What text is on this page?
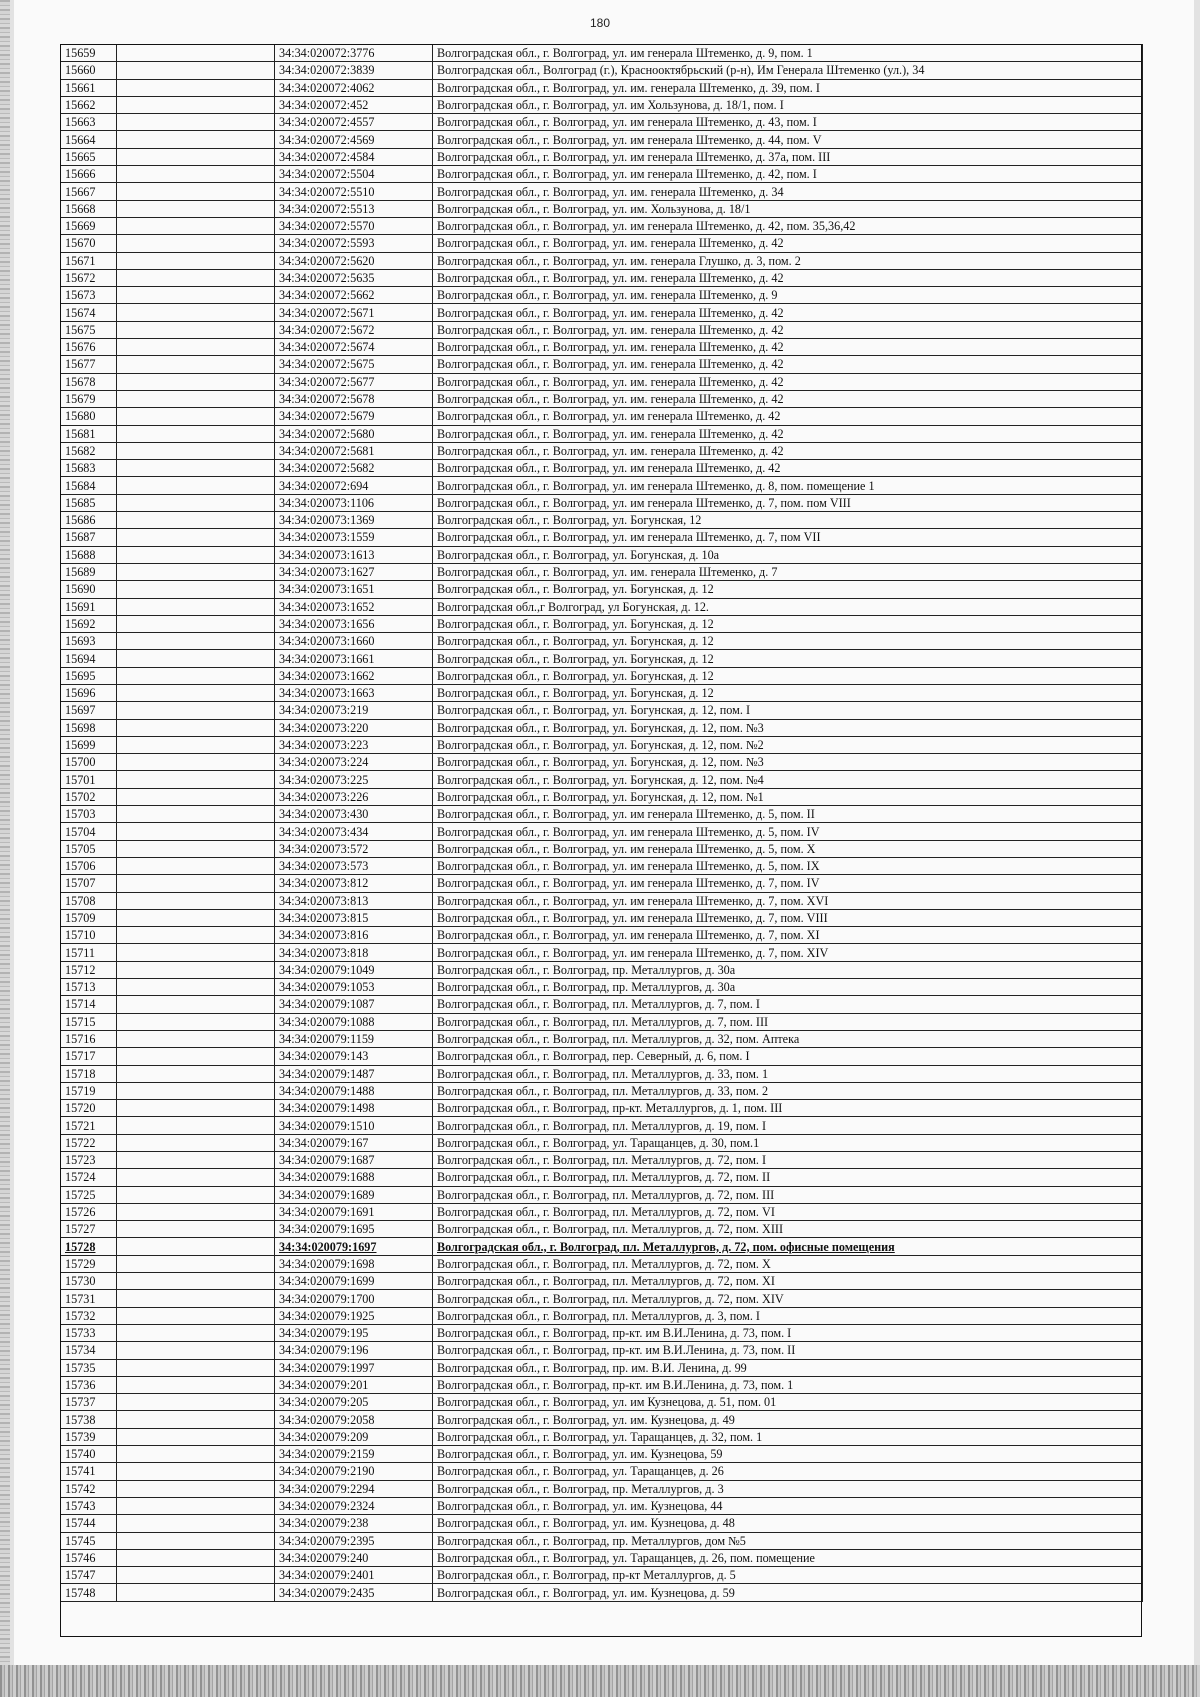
180
15659		34:34:020072:3776	Волгоградская обл., г. Волгоград, ул. им генерала Штеменко, д. 9, пом. 1
15660		34:34:020072:3839	Волгоградская обл., Волгоград (г.), Краснооктябрьский (р-н), Им Генерала Штеменко (ул.), 34
15661		34:34:020072:4062	Волгоградская обл., г. Волгоград, ул. им. генерала Штеменко, д. 39, пом. I
15662		34:34:020072:452	Волгоградская обл., г. Волгоград, ул. им Хользунова, д. 18/1, пом. I
15663		34:34:020072:4557	Волгоградская обл., г. Волгоград, ул. им генерала Штеменко, д. 43, пом. I
15664		34:34:020072:4569	Волгоградская обл., г. Волгоград, ул. им генерала Штеменко, д. 44, пом. V
15665		34:34:020072:4584	Волгоградская обл., г. Волгоград, ул. им генерала Штеменко, д. 37а, пом. III
15666		34:34:020072:5504	Волгоградская обл., г. Волгоград, ул. им генерала Штеменко, д. 42, пом. I
15667		34:34:020072:5510	Волгоградская обл., г. Волгоград, ул. им. генерала Штеменко, д. 34
15668		34:34:020072:5513	Волгоградская обл., г. Волгоград, ул. им. Хользунова, д. 18/1
15669		34:34:020072:5570	Волгоградская обл., г. Волгоград, ул. им генерала Штеменко, д. 42, пом. 35,36,42
15670		34:34:020072:5593	Волгоградская обл., г. Волгоград, ул. им. генерала Штеменко, д. 42
15671		34:34:020072:5620	Волгоградская обл., г. Волгоград, ул. им. генерала Глушко, д. 3, пом. 2
15672		34:34:020072:5635	Волгоградская обл., г. Волгоград, ул. им. генерала Штеменко, д. 42
15673		34:34:020072:5662	Волгоградская обл., г. Волгоград, ул. им. генерала Штеменко, д. 9
15674		34:34:020072:5671	Волгоградская обл., г. Волгоград, ул. им. генерала Штеменко, д. 42
15675		34:34:020072:5672	Волгоградская обл., г. Волгоград, ул. им. генерала Штеменко, д. 42
15676		34:34:020072:5674	Волгоградская обл., г. Волгоград, ул. им. генерала Штеменко, д. 42
15677		34:34:020072:5675	Волгоградская обл., г. Волгоград, ул. им. генерала Штеменко, д. 42
15678		34:34:020072:5677	Волгоградская обл., г. Волгоград, ул. им. генерала Штеменко, д. 42
15679		34:34:020072:5678	Волгоградская обл., г. Волгоград, ул. им. генерала Штеменко, д. 42
15680		34:34:020072:5679	Волгоградская обл., г. Волгоград, ул. им генерала Штеменко, д. 42
15681		34:34:020072:5680	Волгоградская обл., г. Волгоград, ул. им. генерала Штеменко, д. 42
15682		34:34:020072:5681	Волгоградская обл., г. Волгоград, ул. им. генерала Штеменко, д. 42
15683		34:34:020072:5682	Волгоградская обл., г. Волгоград, ул. им генерала Штеменко, д. 42
15684		34:34:020072:694	Волгоградская обл., г. Волгоград, ул. им генерала Штеменко, д. 8, пом. помещение 1
15685		34:34:020073:1106	Волгоградская обл., г. Волгоград, ул. им генерала Штеменко, д. 7, пом. пом VIII
15686		34:34:020073:1369	Волгоградская обл., г. Волгоград, ул. Богунская, 12
15687		34:34:020073:1559	Волгоградская обл., г. Волгоград, ул. им генерала Штеменко, д. 7, пом VII
15688		34:34:020073:1613	Волгоградская обл., г. Волгоград, ул. Богунская, д. 10а
15689		34:34:020073:1627	Волгоградская обл., г. Волгоград, ул. им. генерала Штеменко, д. 7
15690		34:34:020073:1651	Волгоградская обл., г. Волгоград, ул. Богунская, д. 12
15691		34:34:020073:1652	Волгоградская обл.,г Волгоград, ул Богунская, д. 12.
15692		34:34:020073:1656	Волгоградская обл., г. Волгоград, ул. Богунская, д. 12
15693		34:34:020073:1660	Волгоградская обл., г. Волгоград, ул. Богунская, д. 12
15694		34:34:020073:1661	Волгоградская обл., г. Волгоград, ул. Богунская, д. 12
15695		34:34:020073:1662	Волгоградская обл., г. Волгоград, ул. Богунская, д. 12
15696		34:34:020073:1663	Волгоградская обл., г. Волгоград, ул. Богунская, д. 12
15697		34:34:020073:219	Волгоградская обл., г. Волгоград, ул. Богунская, д. 12, пом. I
15698		34:34:020073:220	Волгоградская обл., г. Волгоград, ул. Богунская, д. 12, пом. №3
15699		34:34:020073:223	Волгоградская обл., г. Волгоград, ул. Богунская, д. 12, пом. №2
15700		34:34:020073:224	Волгоградская обл., г. Волгоград, ул. Богунская, д. 12, пом. №3
15701		34:34:020073:225	Волгоградская обл., г. Волгоград, ул. Богунская, д. 12, пом. №4
15702		34:34:020073:226	Волгоградская обл., г. Волгоград, ул. Богунская, д. 12, пом. №1
15703		34:34:020073:430	Волгоградская обл., г. Волгоград, ул. им генерала Штеменко, д. 5, пом. II
15704		34:34:020073:434	Волгоградская обл., г. Волгоград, ул. им генерала Штеменко, д. 5, пом. IV
15705		34:34:020073:572	Волгоградская обл., г. Волгоград, ул. им генерала Штеменко, д. 5, пом. X
15706		34:34:020073:573	Волгоградская обл., г. Волгоград, ул. им генерала Штеменко, д. 5, пом. IX
15707		34:34:020073:812	Волгоградская обл., г. Волгоград, ул. им генерала Штеменко, д. 7, пом. IV
15708		34:34:020073:813	Волгоградская обл., г. Волгоград, ул. им генерала Штеменко, д. 7, пом. XVI
15709		34:34:020073:815	Волгоградская обл., г. Волгоград, ул. им генерала Штеменко, д. 7, пом. VIII
15710		34:34:020073:816	Волгоградская обл., г. Волгоград, ул. им генерала Штеменко, д. 7, пом. XI
15711		34:34:020073:818	Волгоградская обл., г. Волгоград, ул. им генерала Штеменко, д. 7, пом. XIV
15712		34:34:020079:1049	Волгоградская обл., г. Волгоград, пр. Металлургов, д. 30а
15713		34:34:020079:1053	Волгоградская обл., г. Волгоград, пр. Металлургов, д. 30а
15714		34:34:020079:1087	Волгоградская обл., г. Волгоград, пл. Металлургов, д. 7, пом. I
15715		34:34:020079:1088	Волгоградская обл., г. Волгоград, пл. Металлургов, д. 7, пом. III
15716		34:34:020079:1159	Волгоградская обл., г. Волгоград, пл. Металлургов, д. 32, пом. Аптека
15717		34:34:020079:143	Волгоградская обл., г. Волгоград, пер. Северный, д. 6, пом. I
15718		34:34:020079:1487	Волгоградская обл., г. Волгоград, пл. Металлургов, д. 33, пом. 1
15719		34:34:020079:1488	Волгоградская обл., г. Волгоград, пл. Металлургов, д. 33, пом. 2
15720		34:34:020079:1498	Волгоградская обл., г. Волгоград, пр-кт. Металлургов, д. 1, пом. III
15721		34:34:020079:1510	Волгоградская обл., г. Волгоград, пл. Металлургов, д. 19, пом. I
15722		34:34:020079:167	Волгоградская обл., г. Волгоград, ул. Таращанцев, д. 30, пом.1
15723		34:34:020079:1687	Волгоградская обл., г. Волгоград, пл. Металлургов, д. 72, пом. I
15724		34:34:020079:1688	Волгоградская обл., г. Волгоград, пл. Металлургов, д. 72, пом. II
15725		34:34:020079:1689	Волгоградская обл., г. Волгоград, пл. Металлургов, д. 72, пом. III
15726		34:34:020079:1691	Волгоградская обл., г. Волгоград, пл. Металлургов, д. 72, пом. VI
15727		34:34:020079:1695	Волгоградская обл., г. Волгоград, пл. Металлургов, д. 72, пом. XIII
15728		34:34:020079:1697	Волгоградская обл., г. Волгоград, пл. Металлургов, д. 72, пом. офисные помещения
15729		34:34:020079:1698	Волгоградская обл., г. Волгоград, пл. Металлургов, д. 72, пом. X
15730		34:34:020079:1699	Волгоградская обл., г. Волгоград, пл. Металлургов, д. 72, пом. XI
15731		34:34:020079:1700	Волгоградская обл., г. Волгоград, пл. Металлургов, д. 72, пом. XIV
15732		34:34:020079:1925	Волгоградская обл., г. Волгоград, пл. Металлургов, д. 3, пом. I
15733		34:34:020079:195	Волгоградская обл., г. Волгоград, пр-кт. им В.И.Ленина, д. 73, пом. I
15734		34:34:020079:196	Волгоградская обл., г. Волгоград, пр-кт. им В.И.Ленина, д. 73, пом. II
15735		34:34:020079:1997	Волгоградская обл., г. Волгоград, пр. им. В.И. Ленина, д. 99
15736		34:34:020079:201	Волгоградская обл., г. Волгоград, пр-кт. им В.И.Ленина, д. 73, пом. 1
15737		34:34:020079:205	Волгоградская обл., г. Волгоград, ул. им Кузнецова, д. 51, пом. 01
15738		34:34:020079:2058	Волгоградская обл., г. Волгоград, ул. им. Кузнецова, д. 49
15739		34:34:020079:209	Волгоградская обл., г. Волгоград, ул. Таращанцев, д. 32, пом. 1
15740		34:34:020079:2159	Волгоградская обл., г. Волгоград, ул. им. Кузнецова, 59
15741		34:34:020079:2190	Волгоградская обл., г. Волгоград, ул. Таращанцев, д. 26
15742		34:34:020079:2294	Волгоградская обл., г. Волгоград, пр. Металлургов, д. 3
15743		34:34:020079:2324	Волгоградская обл., г. Волгоград, ул. им. Кузнецова, 44
15744		34:34:020079:238	Волгоградская обл., г. Волгоград, ул. им. Кузнецова, д. 48
15745		34:34:020079:2395	Волгоградская обл., г. Волгоград, пр. Металлургов, дом №5
15746		34:34:020079:240	Волгоградская обл., г. Волгоград, ул. Таращанцев, д. 26, пом. помещение
15747		34:34:020079:2401	Волгоградская обл., г. Волгоград, пр-кт Металлургов, д. 5
15748		34:34:020079:2435	Волгоградская обл., г. Волгоград, ул. им. Кузнецова, д. 59
